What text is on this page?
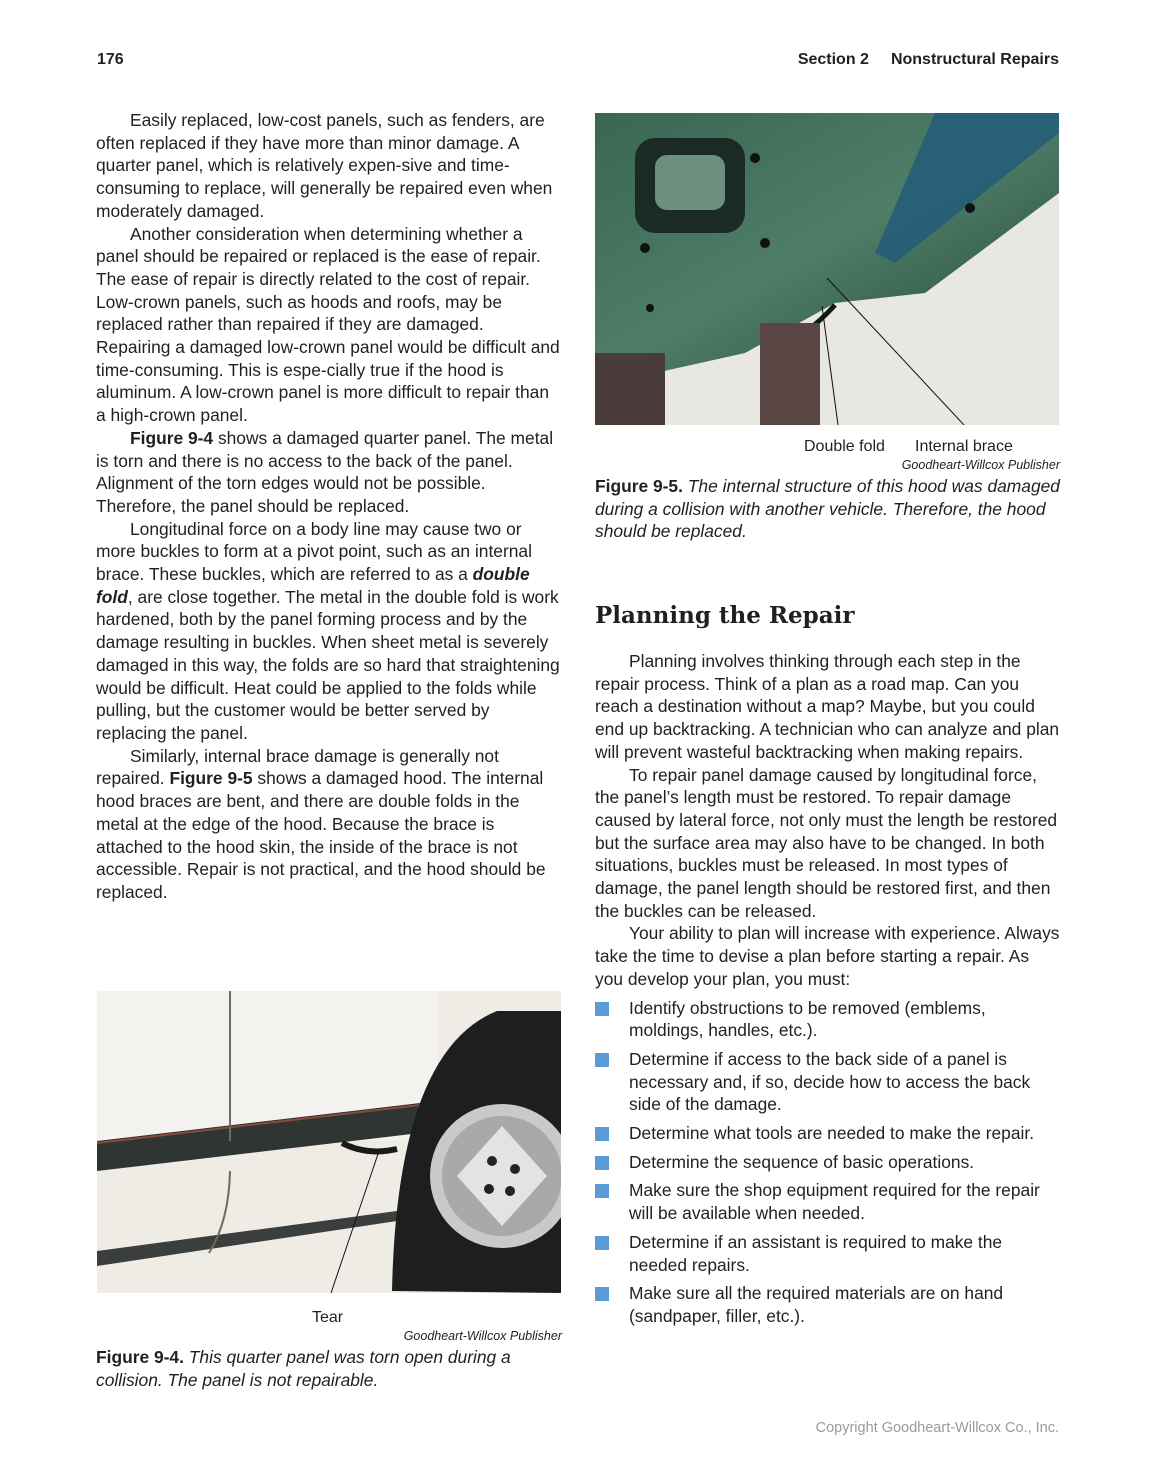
176	Section 2 Nonstructural Repairs

Easily replaced, low-cost panels, such as fenders, are often replaced if they have more than minor damage. A quarter panel, which is relatively expen-sive and time-consuming to replace, will generally be repaired even when moderately damaged.

Another consideration when determining whether a panel should be repaired or replaced is the ease of repair. The ease of repair is directly related to the cost of repair. Low-crown panels, such as hoods and roofs, may be replaced rather than repaired if they are damaged. Repairing a damaged low-crown panel would be difficult and time-consuming. This is espe-cially true if the hood is aluminum. A low-crown panel is more difficult to repair than a high-crown panel.

Figure 9-4 shows a damaged quarter panel. The metal is torn and there is no access to the back of the panel. Alignment of the torn edges would not be possible. Therefore, the panel should be replaced.

Longitudinal force on a body line may cause two or more buckles to form at a pivot point, such as an internal brace. These buckles, which are referred to as a double fold, are close together. The metal in the double fold is work hardened, both by the panel forming process and by the damage resulting in buckles. When sheet metal is severely damaged in this way, the folds are so hard that straightening would be difficult. Heat could be applied to the folds while pulling, but the customer would be better served by replacing the panel.

Similarly, internal brace damage is generally not repaired. Figure 9-5 shows a damaged hood. The internal hood braces are bent, and there are double folds in the metal at the edge of the hood. Because the brace is attached to the hood skin, the inside of the brace is not accessible. Repair is not practical, and the hood should be replaced.

Double fold Internal brace
Goodheart-Willcox Publisher
Figure 9-5. The internal structure of this hood was damaged during a collision with another vehicle. Therefore, the hood should be replaced.
Planning the Repair

Planning involves thinking through each step in the repair process. Think of a plan as a road map. Can you reach a destination without a map? Maybe, but you could end up backtracking. A technician who can analyze and plan will prevent wasteful backtracking when making repairs.

To repair panel damage caused by longitudinal force, the panel’s length must be restored. To repair damage caused by lateral force, not only must the length be restored but the surface area may also have to be changed. In both situations, buckles must be released. In most types of damage, the panel length should be restored first, and then the buckles can be released.

Your ability to plan will increase with experience. Always take the time to devise a plan before starting a repair. As you develop your plan, you must:

Identify obstructions to be removed (emblems, moldings, handles, etc.).
Determine if access to the back side of a panel is necessary and, if so, decide how to access the back side of the damage.
Determine what tools are needed to make the repair.
Determine the sequence of basic operations.
Make sure the shop equipment required for the repair will be available when needed.
Determine if an assistant is required to make the needed repairs.
Make sure all the required materials are on hand (sandpaper, filler, etc.).
Tear
Goodheart-Willcox Publisher
Figure 9-4. This quarter panel was torn open during a collision. The panel is not repairable.
Copyright Goodheart-Willcox Co., Inc.
